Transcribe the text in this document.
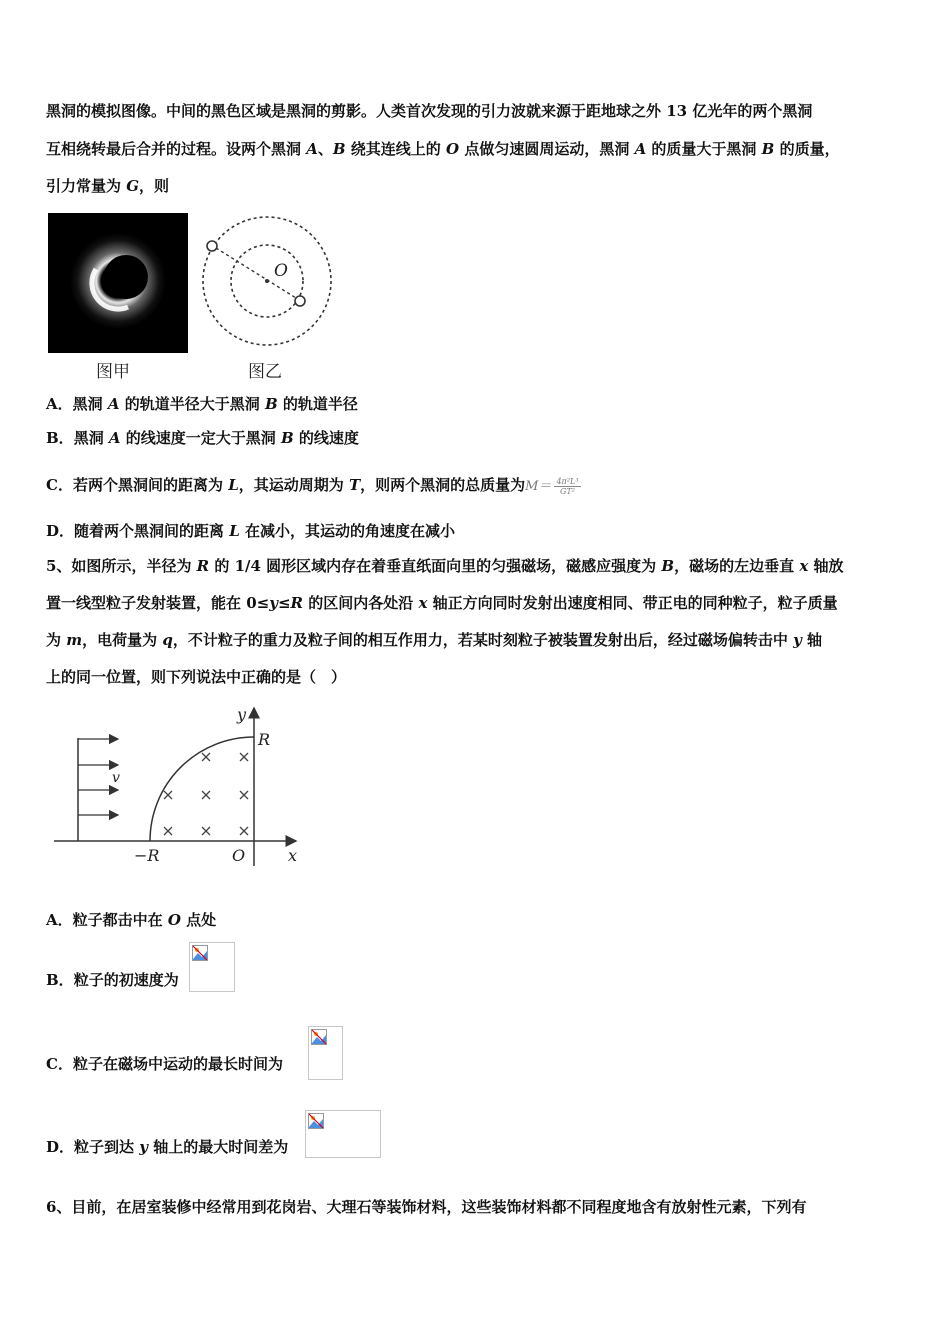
黑洞的模拟图像。中间的黑色区域是黑洞的剪影。人类首次发现的引力波就来源于距地球之外 13 亿光年的两个黑洞
互相绕转最后合并的过程。设两个黑洞 A、B 绕其连线上的 O 点做匀速圆周运动，黑洞 A 的质量大于黑洞 B 的质量，
引力常量为 G，则
图甲
O
图乙
A．黑洞 A 的轨道半径大于黑洞 B 的轨道半径
B．黑洞 A 的线速度一定大于黑洞 B 的线速度
C．若两个黑洞间的距离为 L，其运动周期为 T，则两个黑洞的总质量为$M= \frac{\text{4π²L³}}{\text{GT²}}$
D．随着两个黑洞间的距离 L 在减小，其运动的角速度在减小
5、如图所示，半径为 R 的 1/4 圆形区域内存在着垂直纸面向里的匀强磁场，磁感应强度为 B，磁场的左边垂直 x 轴放
置一线型粒子发射装置，能在 0≤y≤R 的区间内各处沿 x 轴正方向同时发射出速度相同、带正电的同种粒子，粒子质量
为 m，电荷量为 q，不计粒子的重力及粒子间的相互作用力，若某时刻粒子被装置发射出后，经过磁场偏转击中 y 轴
上的同一位置，则下列说法中正确的是（　）
y
R
v
−R	O	x
A．粒子都击中在 O 点处
B．粒子的初速度为
C．粒子在磁场中运动的最长时间为
D．粒子到达 y 轴上的最大时间差为
6、目前，在居室装修中经常用到花岗岩、大理石等装饰材料，这些装饰材料都不同程度地含有放射性元素，下列有
